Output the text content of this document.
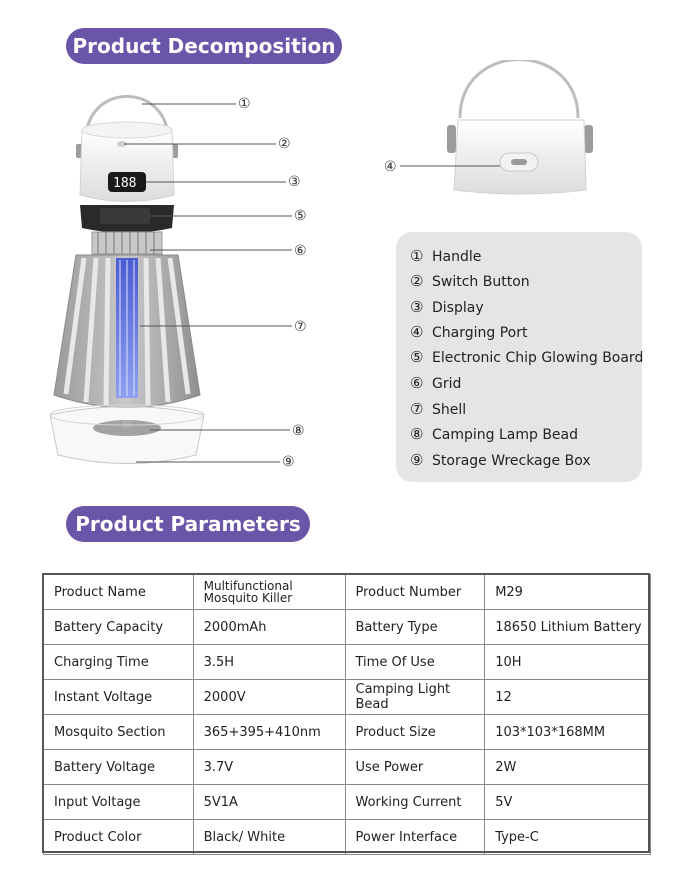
Product Decomposition
Product Parameters
188
①
②
③
⑤
⑥
⑦
⑧
⑨
④
① Handle
② Switch Button
③ Display
④ Charging Port
⑤ Electronic Chip Glowing Board
⑥ Grid
⑦ Shell
⑧ Camping Lamp Bead
⑨ Storage Wreckage Box
Product Name	Multifunctional Mosquito Killer	Product Number	M29
Battery Capacity	2000mAh	Battery Type	18650 Lithium Battery
Charging Time	3.5H	Time Of Use	10H
Instant Voltage	2000V	Camping Light Bead	12
Mosquito Section	365+395+410nm	Product Size	103*103*168MM
Battery Voltage	3.7V	Use Power	2W
Input Voltage	5V1A	Working Current	5V
Product Color	Black/ White	Power Interface	Type-C
